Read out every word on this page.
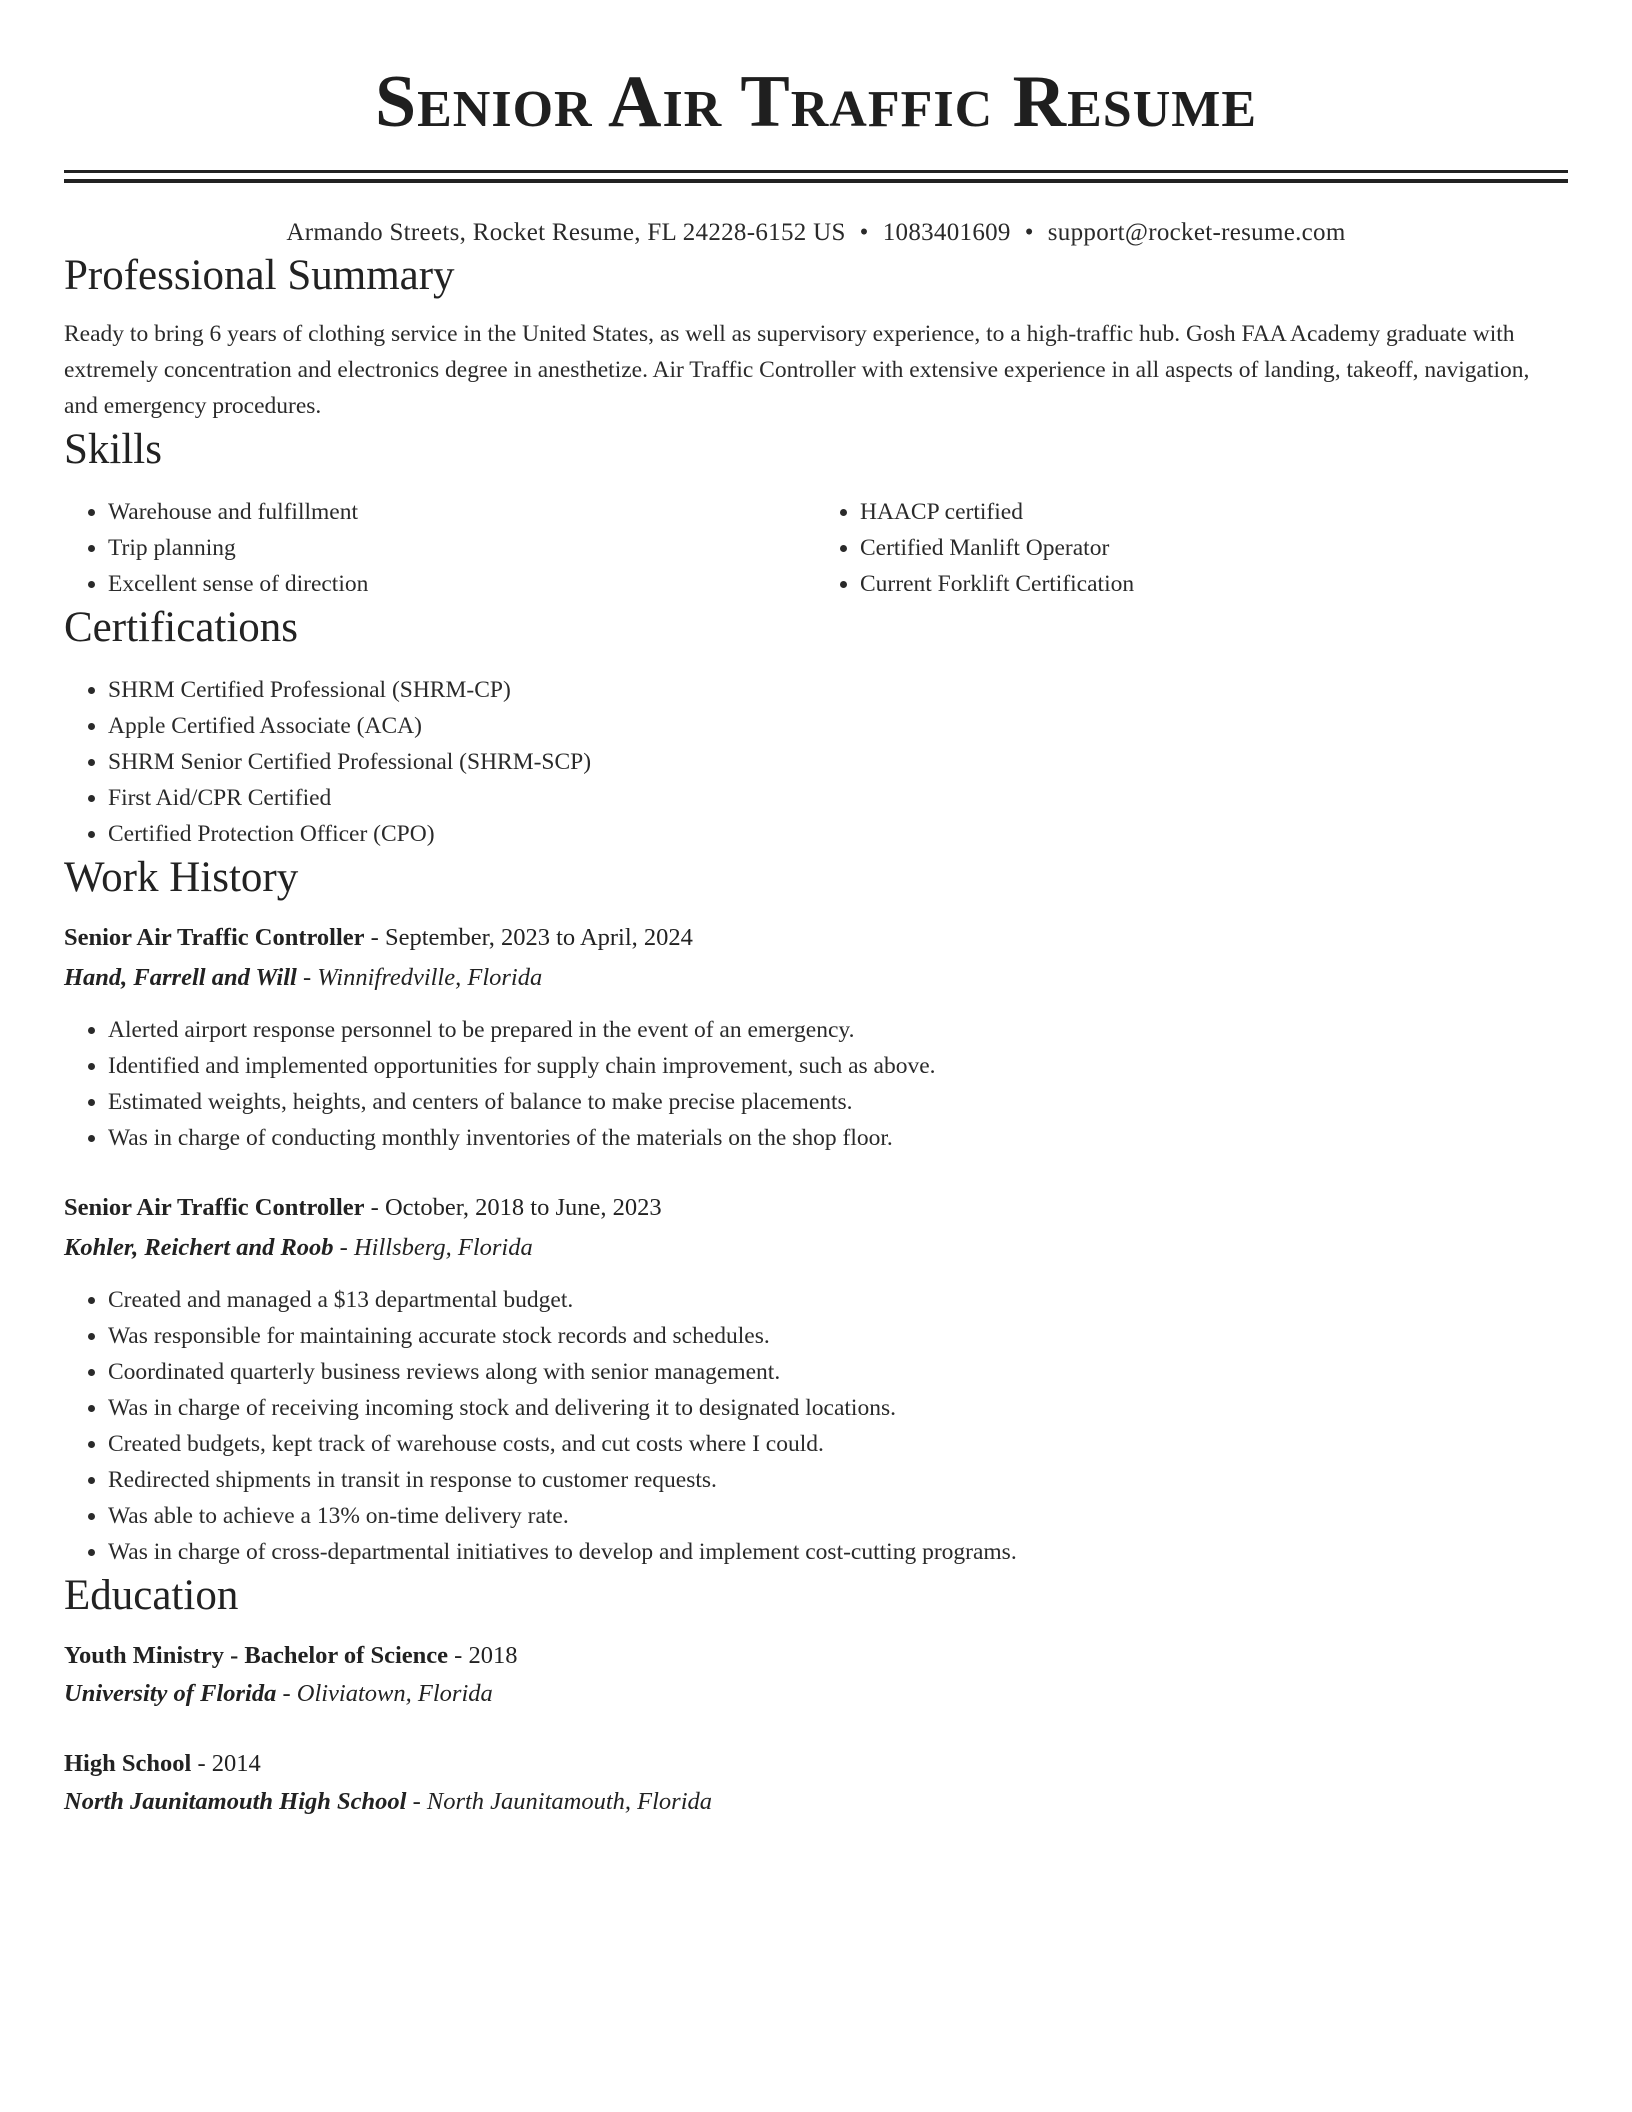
Senior Air Traffic Resume
Armando Streets, Rocket Resume, FL 24228-6152 US • 1083401609 • support@rocket-resume.com
Professional Summary
Ready to bring 6 years of clothing service in the United States, as well as supervisory experience, to a high-traffic hub. Gosh FAA Academy graduate with extremely concentration and electronics degree in anesthetize. Air Traffic Controller with extensive experience in all aspects of landing, takeoff, navigation, and emergency procedures.
Skills
• Warehouse and fulfillment
• Trip planning
• Excellent sense of direction
• HAACP certified
• Certified Manlift Operator
• Current Forklift Certification
Certifications
• SHRM Certified Professional (SHRM-CP)
• Apple Certified Associate (ACA)
• SHRM Senior Certified Professional (SHRM-SCP)
• First Aid/CPR Certified
• Certified Protection Officer (CPO)
Work History
Senior Air Traffic Controller - September, 2023 to April, 2024
Hand, Farrell and Will - Winnifredville, Florida
• Alerted airport response personnel to be prepared in the event of an emergency.
• Identified and implemented opportunities for supply chain improvement, such as above.
• Estimated weights, heights, and centers of balance to make precise placements.
• Was in charge of conducting monthly inventories of the materials on the shop floor.
Senior Air Traffic Controller - October, 2018 to June, 2023
Kohler, Reichert and Roob - Hillsberg, Florida
• Created and managed a $13 departmental budget.
• Was responsible for maintaining accurate stock records and schedules.
• Coordinated quarterly business reviews along with senior management.
• Was in charge of receiving incoming stock and delivering it to designated locations.
• Created budgets, kept track of warehouse costs, and cut costs where I could.
• Redirected shipments in transit in response to customer requests.
• Was able to achieve a 13% on-time delivery rate.
• Was in charge of cross-departmental initiatives to develop and implement cost-cutting programs.
Education
Youth Ministry - Bachelor of Science - 2018
University of Florida - Oliviatown, Florida
High School - 2014
North Jaunitamouth High School - North Jaunitamouth, Florida
